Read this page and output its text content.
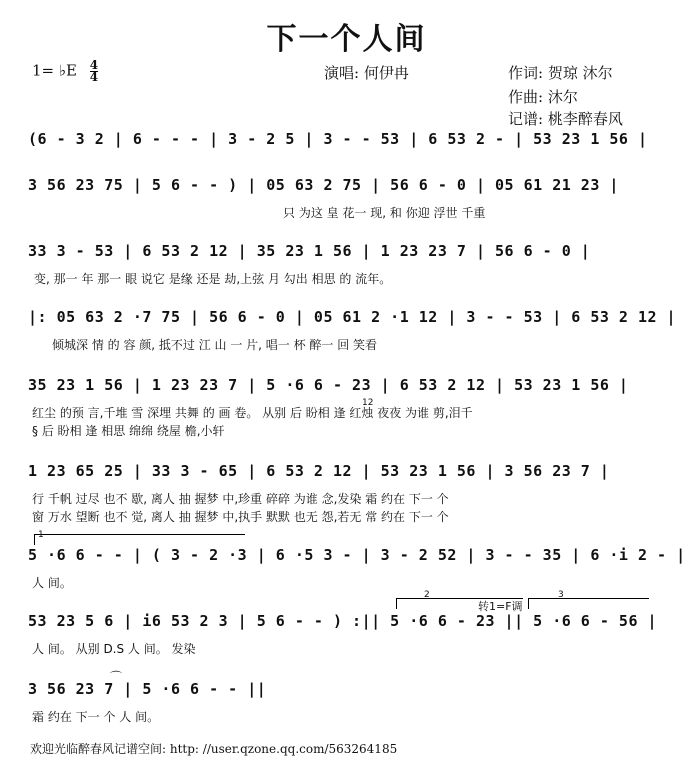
下一个人间
1= ♭E $\frac{4}{4}$	演唱: 何伊冉	作词: 贺琼 沐尔
作曲: 沐尔
记谱: 桃李醉春风
(6 - 3 2 | 6 - - - | 3 - 2 5 | 3 - - 53 | 6 53 2 - | 53 23 1 56 |
3 56 23 75 | 5 6 - - ) | 05 63 2 75 | 56 6 - 0 | 05 61 21 23 |
只 为这 皇 花一 现, 和 你迎 浮世 千重
33 3 - 53 | 6 53 2 12 | 35 23 1 56 | 1 23 23 7 | 56 6 - 0 |
变, 那一 年 那一 眼 说它 是缘 还是 劫,上弦 月 勾出 相思 的 流年。
|: 05 63 2 ·7 75 | 56 6 - 0 | 05 61 2 ·1 12 | 3 - - 53 | 6 53 2 12 |
倾城深 情 的 容 颜, 抵不过 江 山 一 片, 唱一 杯 醉一 回 笑看
35 23 1 56 | 1 23 23 7 | 5 ·6 6 - 23 | 6 53 2 12 | 53 23 1 56 |
12
红尘 的预 言,千堆 雪 深埋 共舞 的 画 卷。 从别 后 盼相 逢 红烛 夜夜 为谁 剪,泪千
§ 后 盼相 逢 相思 绵绵 绕屋 檐,小轩
1 23 65 25 | 33 3 - 65 | 6 53 2 12 | 53 23 1 56 | 3 56 23 7 |
行 千帆 过尽 也不 歇, 离人 抽 握梦 中,珍重 碎碎 为谁 念,发染 霜 约在 下一 个
窗 万水 望断 也不 觉, 离人 抽 握梦 中,执手 默默 也无 怨,若无 常 约在 下一 个
1
5 ·6 6 - - | ( 3 - 2 ·3 | 6 ·5 3 - | 3 - 2 52 | 3 - - 35 | 6 ·i 2 - |
人 间。
2
转1=F调
3
53 23 5 6 | i6 53 2 3 | 5 6 - - ) :|| 5 ·6 6 - 23 || 5 ·6 6 - 56 |
人 间。 从别 D.S 人 间。 发染
⌒
3 56 23 7 | 5 ·6 6 - - ||
霜 约在 下一 个 人 间。
欢迎光临醉春风记谱空间: http: //user.qzone.qq.com/563264185
